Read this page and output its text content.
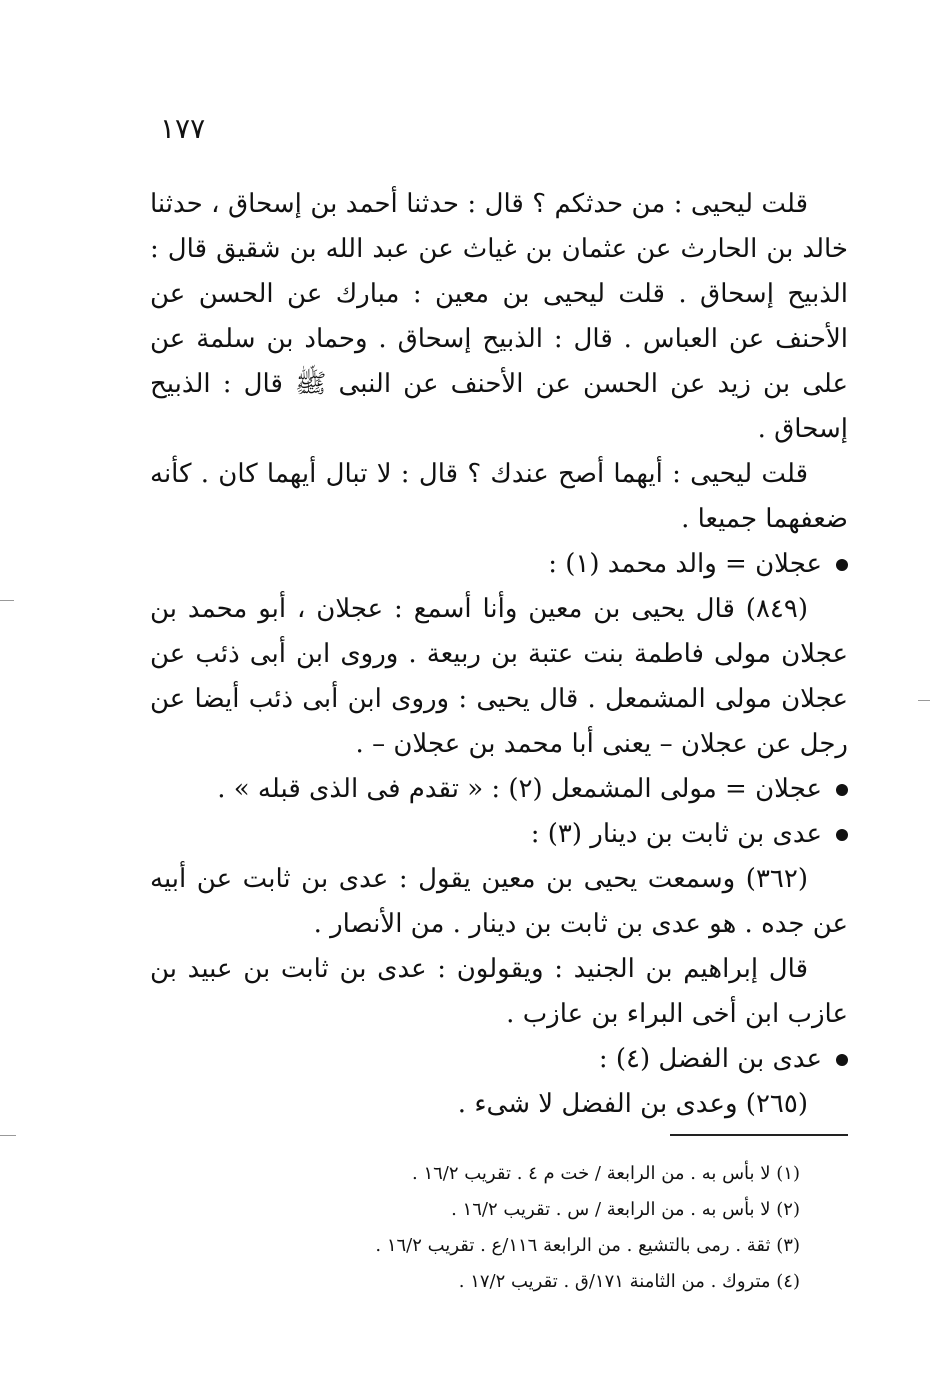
١٧٧

قلت ليحيى : من حدثكم ؟ قال : حدثنا أحمد بن إسحاق ، حدثنا خالد بن الحارث عن عثمان بن غياث عن عبد الله بن شقيق قال : الذبيح إسحاق . قلت ليحيى بن معين : مبارك عن الحسن عن الأحنف عن العباس . قال : الذبيح إسحاق . وحماد بن سلمة عن على بن زيد عن الحسن عن الأحنف عن النبى ﷺ قال : الذبيح إسحاق .

قلت ليحيى : أيهما أصح عندك ؟ قال : لا تبال أيهما كان . كأنه ضعفهما جميعا .

عجلان = والد محمد (١) :

(٨٤٩) قال يحيى بن معين وأنا أسمع : عجلان ، أبو محمد بن عجلان مولى فاطمة بنت عتبة بن ربيعة . وروى ابن أبى ذئب عن عجلان مولى المشمعل . قال يحيى : وروى ابن أبى ذئب أيضا عن رجل عن عجلان – يعنى أبا محمد بن عجلان – .

عجلان = مولى المشمعل (٢) : « تقدم فى الذى قبله » .
عدى بن ثابت بن دينار (٣) :

(٣٦٢) وسمعت يحيى بن معين يقول : عدى بن ثابت عن أبيه عن جده . هو عدى بن ثابت بن دينار . من الأنصار .

قال إبراهيم بن الجنيد : ويقولون : عدى بن ثابت بن عبيد بن عازب ابن أخى البراء بن عازب .

عدى بن الفضل (٤) :

(٢٦٥) وعدى بن الفضل لا شىء .

(١) لا بأس به . من الرابعة / خت م ٤ . تقريب ١٦/٢ .
(٢) لا بأس به . من الرابعة / س . تقريب ١٦/٢ .
(٣) ثقة . رمى بالتشيع . من الرابعة ١١٦/ع . تقريب ١٦/٢ .
(٤) متروك . من الثامنة ١٧١/ق . تقريب ١٧/٢ .
